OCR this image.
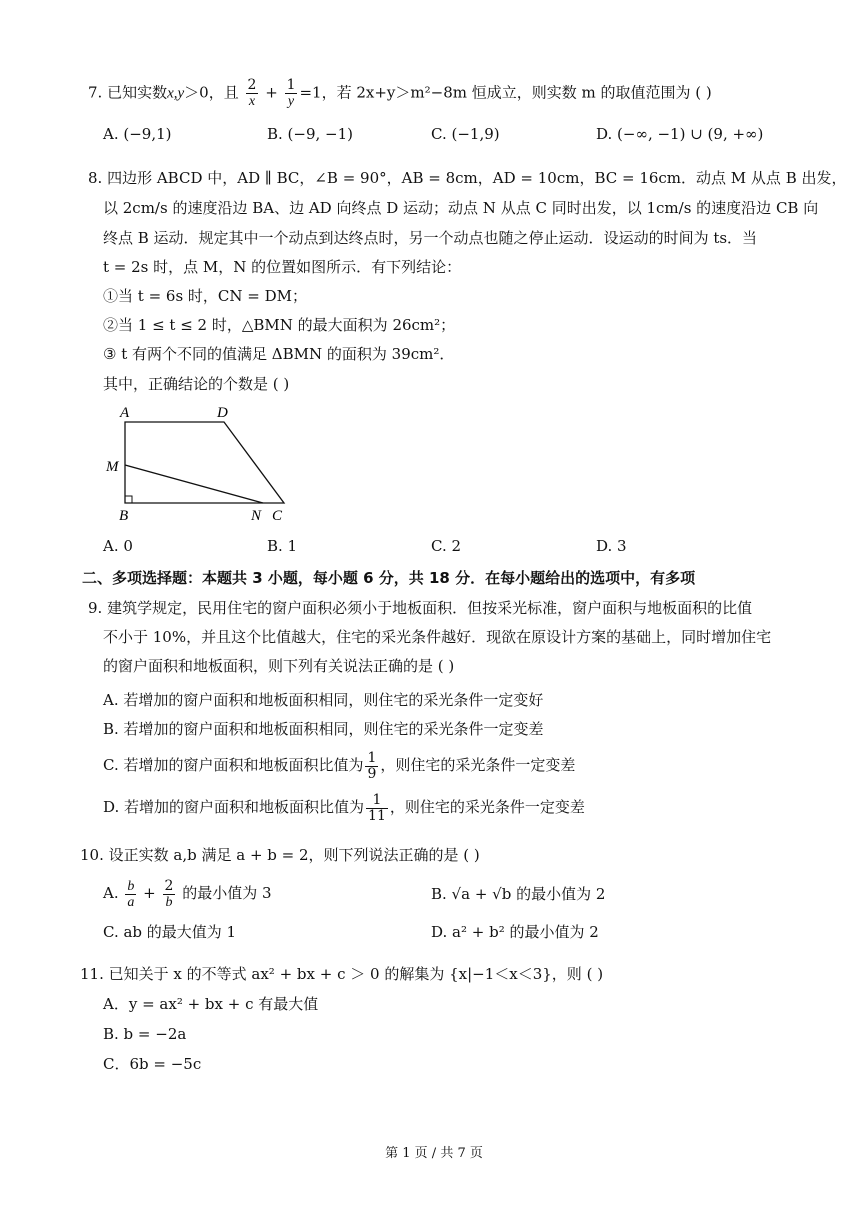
7. 已知实数x,y＞0，且 $\frac{2}{x} + \frac{1}{y} =1$，若 2x+y＞m²−8m 恒成立，则实数 m 的取值范围为 ( )
A. (−9,1)	B. (−9, −1)	C. (−1,9)	D. (−∞, −1) ∪ (9, +∞)
8. 四边形 ABCD 中，AD ∥ BC，∠B = 90°，AB = 8cm，AD = 10cm，BC = 16cm．动点 M 从点 B 出发，
以 2cm/s 的速度沿边 BA、边 AD 向终点 D 运动；动点 N 从点 C 同时出发，以 1cm/s 的速度沿边 CB 向
终点 B 运动．规定其中一个动点到达终点时，另一个动点也随之停止运动．设运动的时间为 ts．当
t = 2s 时，点 M，N 的位置如图所示．有下列结论：
①当 t = 6s 时，CN = DM；
②当 1 ≤ t ≤ 2 时，△BMN 的最大面积为 26cm²；
③ t 有两个不同的值满足 ΔBMN 的面积为 39cm²．
其中，正确结论的个数是 ( )
A	D
M
B	N C
A. 0	B. 1	C. 2	D. 3
二、多项选择题：本题共 3 小题，每小题 6 分，共 18 分．在每小题给出的选项中，有多项
9. 建筑学规定，民用住宅的窗户面积必须小于地板面积．但按采光标准，窗户面积与地板面积的比值
不小于 10%，并且这个比值越大，住宅的采光条件越好．现欲在原设计方案的基础上，同时增加住宅
的窗户面积和地板面积，则下列有关说法正确的是 ( )
A. 若增加的窗户面积和地板面积相同，则住宅的采光条件一定变好
B. 若增加的窗户面积和地板面积相同，则住宅的采光条件一定变差
C. 若增加的窗户面积和地板面积比值为 $\frac{1}{9}$ ，则住宅的采光条件一定变差
D. 若增加的窗户面积和地板面积比值为 $\frac{1}{11}$ ，则住宅的采光条件一定变差
10. 设正实数 a,b 满足 a + b = 2，则下列说法正确的是 ( )
A. $\frac{b}{a} + \frac{2}{b}$ 的最小值为 3	B. √a + √b 的最小值为 2
C. ab 的最大值为 1	D. a² + b² 的最小值为 2
11. 已知关于 x 的不等式 ax² + bx + c ＞ 0 的解集为 {x|−1＜x＜3}，则 ( )
A．y = ax² + bx + c 有最大值
B. b = −2a
C．6b = −5c
第 1 页 / 共 7 页
